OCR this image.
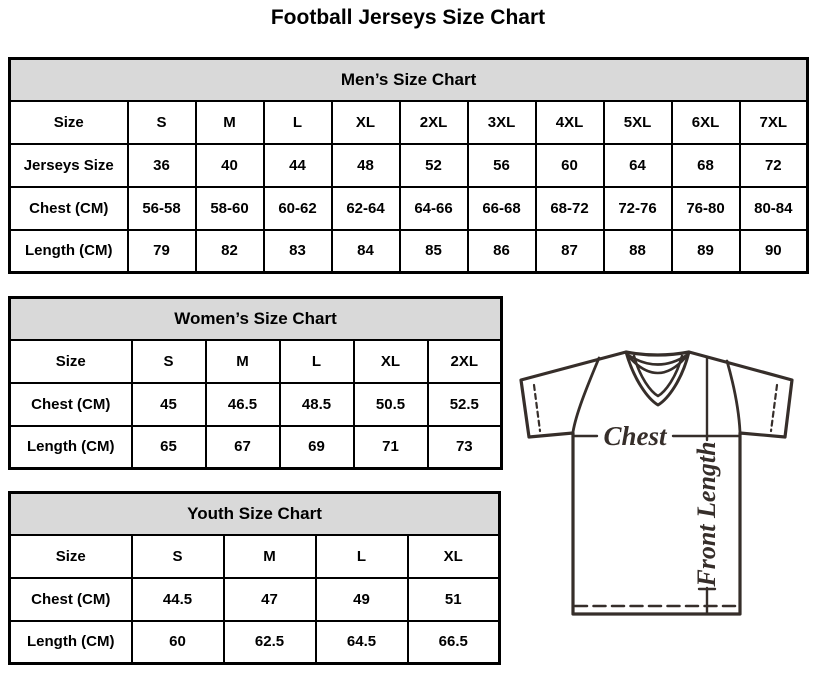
Football Jerseys Size Chart
Men’s Size Chart										
Size	S	M	L	XL	2XL	3XL	4XL	5XL	6XL	7XL
Jerseys Size	36	40	44	48	52	56	60	64	68	72
Chest (CM)	56-58	58-60	60-62	62-64	64-66	66-68	68-72	72-76	76-80	80-84
Length (CM)	79	82	83	84	85	86	87	88	89	90
Women’s Size Chart					
Size	S	M	L	XL	2XL
Chest (CM)	45	46.5	48.5	50.5	52.5
Length (CM)	65	67	69	71	73
Youth Size Chart				
Size	S	M	L	XL
Chest (CM)	44.5	47	49	51
Length (CM)	60	62.5	64.5	66.5
Chest
Front Length
